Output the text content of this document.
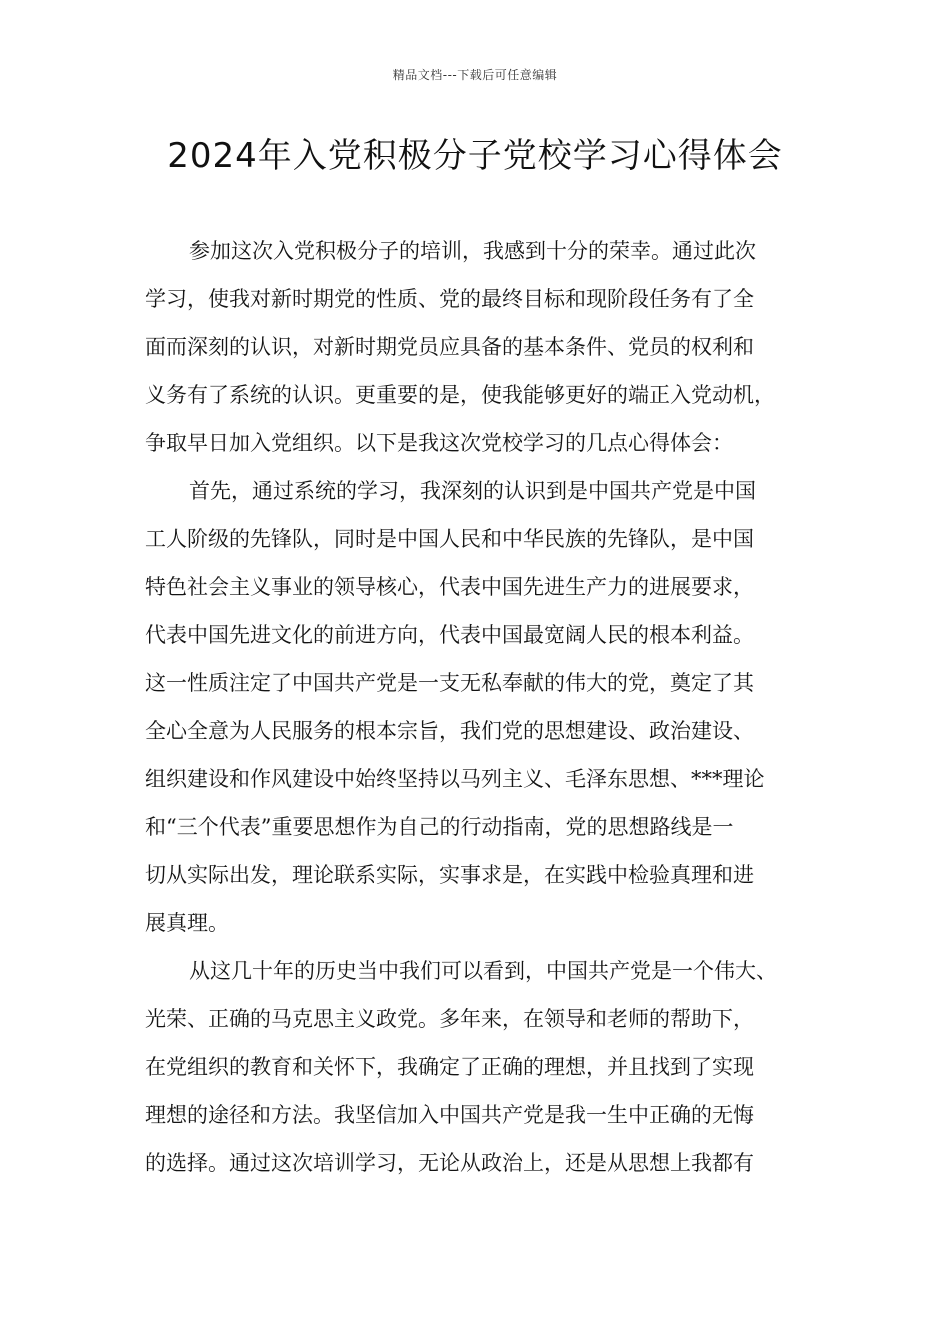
精品文档---下载后可任意编辑
2024年入党积极分子党校学习心得体会
参加这次入党积极分子的培训，我感到十分的荣幸。通过此次
学习，使我对新时期党的性质、党的最终目标和现阶段任务有了全
面而深刻的认识，对新时期党员应具备的基本条件、党员的权利和
义务有了系统的认识。更重要的是，使我能够更好的端正入党动机，
争取早日加入党组织。以下是我这次党校学习的几点心得体会：
首先，通过系统的学习，我深刻的认识到是中国共产党是中国
工人阶级的先锋队，同时是中国人民和中华民族的先锋队，是中国
特色社会主义事业的领导核心，代表中国先进生产力的进展要求，
代表中国先进文化的前进方向，代表中国最宽阔人民的根本利益。
这一性质注定了中国共产党是一支无私奉献的伟大的党，奠定了其
全心全意为人民服务的根本宗旨，我们党的思想建设、政治建设、
组织建设和作风建设中始终坚持以马列主义、毛泽东思想、***理论
和“三个代表”重要思想作为自己的行动指南，党的思想路线是一
切从实际出发，理论联系实际，实事求是，在实践中检验真理和进
展真理。
从这几十年的历史当中我们可以看到，中国共产党是一个伟大、
光荣、正确的马克思主义政党。多年来，在领导和老师的帮助下，
在党组织的教育和关怀下，我确定了正确的理想，并且找到了实现
理想的途径和方法。我坚信加入中国共产党是我一生中正确的无悔
的选择。通过这次培训学习，无论从政治上，还是从思想上我都有
